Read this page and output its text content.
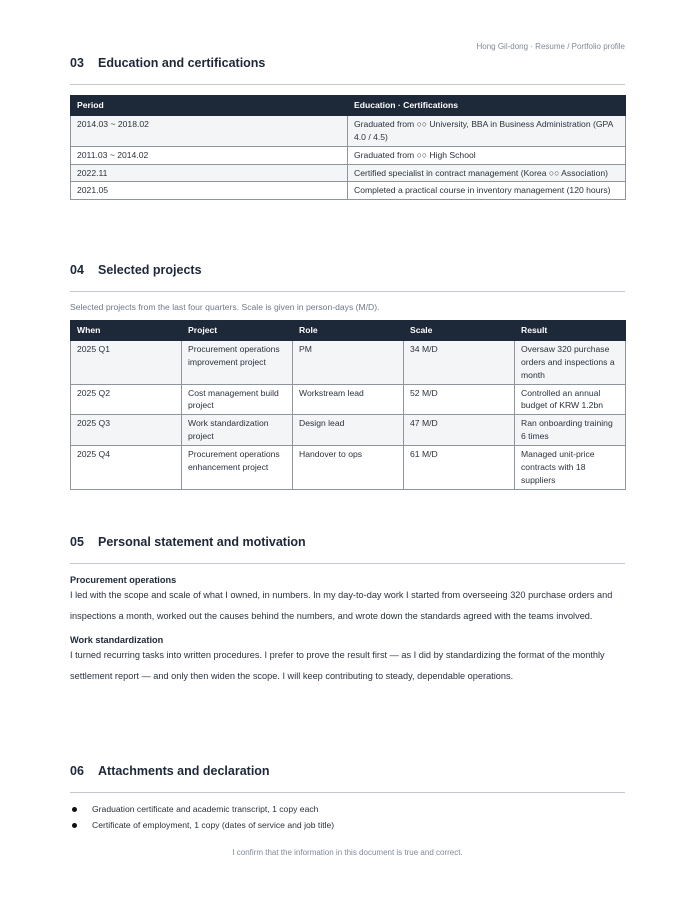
Hong Gil-dong · Resume / Portfolio profile
03	Education and certifications
Period	Education · Certifications
2014.03 ~ 2018.02	Graduated from ○○ University, BBA in Business Administration (GPA 4.0 / 4.5)
2011.03 ~ 2014.02	Graduated from ○○ High School
2022.11	Certified specialist in contract management (Korea ○○ Association)
2021.05	Completed a practical course in inventory management (120 hours)
04	Selected projects
Selected projects from the last four quarters. Scale is given in person-days (M/D).
When	Project	Role	Scale	Result
2025 Q1	Procurement operations improvement project	PM	34 M/D	Oversaw 320 purchase orders and inspections a month
2025 Q2	Cost management build project	Workstream lead	52 M/D	Controlled an annual budget of KRW 1.2bn
2025 Q3	Work standardization project	Design lead	47 M/D	Ran onboarding training 6 times
2025 Q4	Procurement operations enhancement project	Handover to ops	61 M/D	Managed unit-price contracts with 18 suppliers
05	Personal statement and motivation
Procurement operations
I led with the scope and scale of what I owned, in numbers. In my day-to-day work I started from overseeing 320 purchase orders and inspections a month, worked out the causes behind the numbers, and wrote down the standards agreed with the teams involved.
Work standardization
I turned recurring tasks into written procedures. I prefer to prove the result first — as I did by standardizing the format of the monthly settlement report — and only then widen the scope. I will keep contributing to steady, dependable operations.
06	Attachments and declaration
Graduation certificate and academic transcript, 1 copy each
Certificate of employment, 1 copy (dates of service and job title)
I confirm that the information in this document is true and correct.
